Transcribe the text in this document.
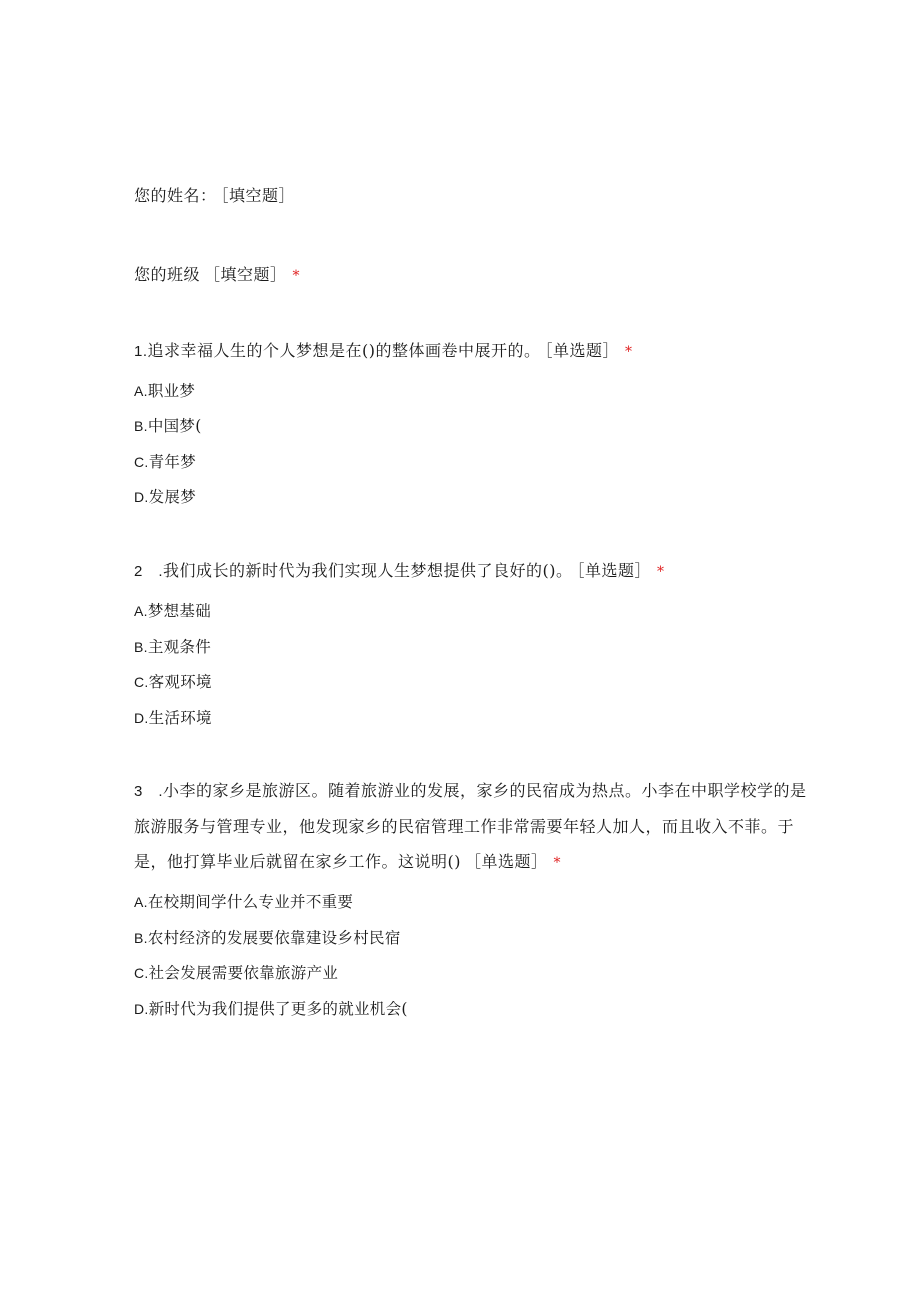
您的姓名： ［填空题］
您的班级 ［填空题］ *
1.追求幸福人生的个人梦想是在()的整体画卷中展开的。 ［单选题］ *
A.职业梦
B.中国梦(
C.青年梦
D.发展梦
2　.我们成长的新时代为我们实现人生梦想提供了良好的()。 ［单选题］ *
A.梦想基础
B.主观条件
C.客观环境
D.生活环境
3　.小李的家乡是旅游区。随着旅游业的发展，家乡的民宿成为热点。小李在中职学校学的是旅游服务与管理专业，他发现家乡的民宿管理工作非常需要年轻人加人，而且收入不菲。于是，他打算毕业后就留在家乡工作。这说明() ［单选题］ *
A.在校期间学什么专业并不重要
B.农村经济的发展要依靠建设乡村民宿
C.社会发展需要依靠旅游产业
D.新时代为我们提供了更多的就业机会(
